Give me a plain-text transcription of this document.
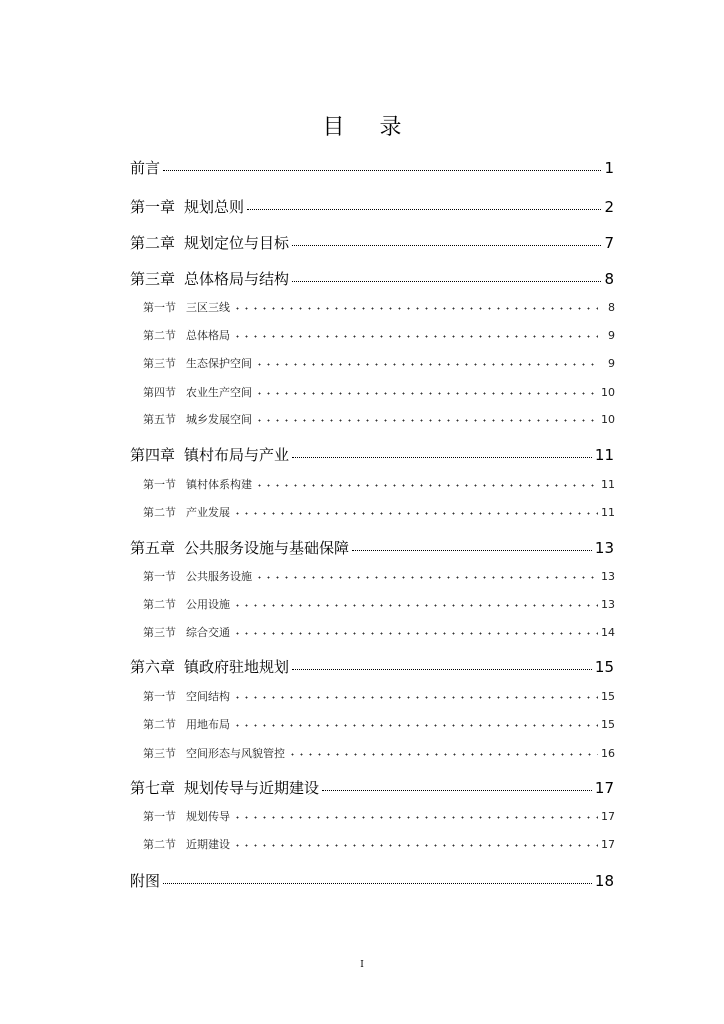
目 录
前言	1
第一章 规划总则	2
第二章 规划定位与目标	7
第三章 总体格局与结构	8
第一节 三区三线	8
第二节 总体格局	9
第三节 生态保护空间	9
第四节 农业生产空间	10
第五节 城乡发展空间	10
第四章 镇村布局与产业	11
第一节 镇村体系构建	11
第二节 产业发展	11
第五章 公共服务设施与基础保障	13
第一节 公共服务设施	13
第二节 公用设施	13
第三节 综合交通	14
第六章 镇政府驻地规划	15
第一节 空间结构	15
第二节 用地布局	15
第三节 空间形态与风貌管控	16
第七章 规划传导与近期建设	17
第一节 规划传导	17
第二节 近期建设	17
附图	18
I
